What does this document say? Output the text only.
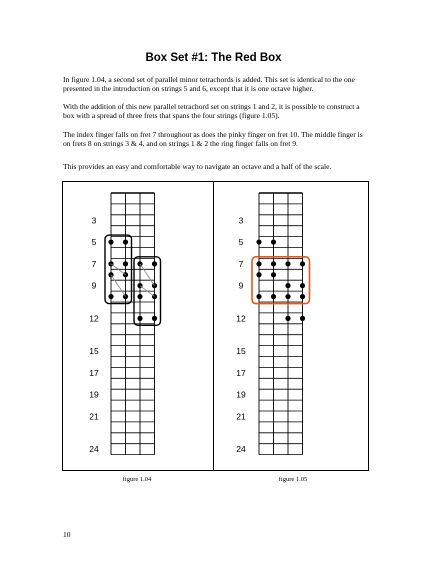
Box Set #1: The Red Box

In figure 1.04, a second set of parallel minor tetrachords is added. This set is identical to the one presented in the introduction on strings 5 and 6, except that it is one octave higher.

With the addition of this new parallel tetrachord set on strings 1 and 2, it is possible to construct a box with a spread of three frets that spans the four strings (figure 1.05).

The index finger falls on fret 7 throughout as does the pinky finger on fret 10. The middle finger is on frets 8 on strings 3 & 4, and on strings 1 & 2 the ring finger falls on fret 9.

This provides an easy and comfortable way to navigate an octave and a half of the scale.

3
5
7
9
12
15
17
19
21
24
3
5
7
9
12
15
17
19
21
24
figure 1.04	figure 1.05
10
